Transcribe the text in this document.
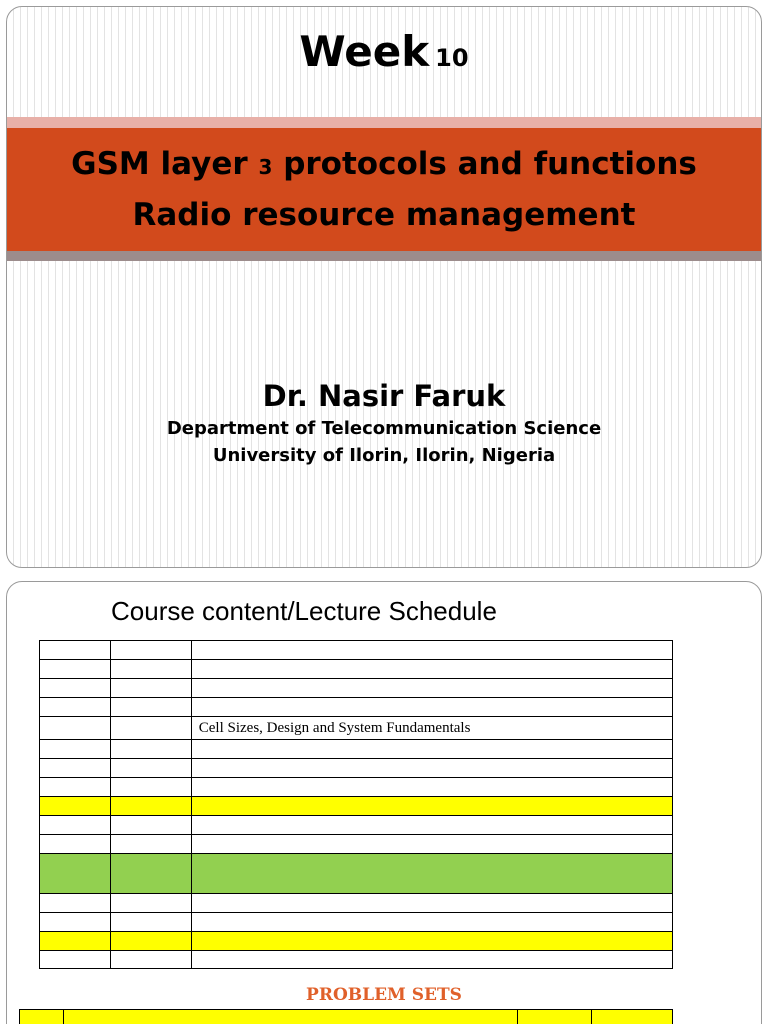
Week 10
GSM layer 3 protocols and functions
Radio resource management
Dr. Nasir Faruk
Department of Telecommunication Science
University of Ilorin, Ilorin, Nigeria
Course content/Lecture Schedule
Cell Sizes, Design and System Fundamentals
PROBLEM SETS
